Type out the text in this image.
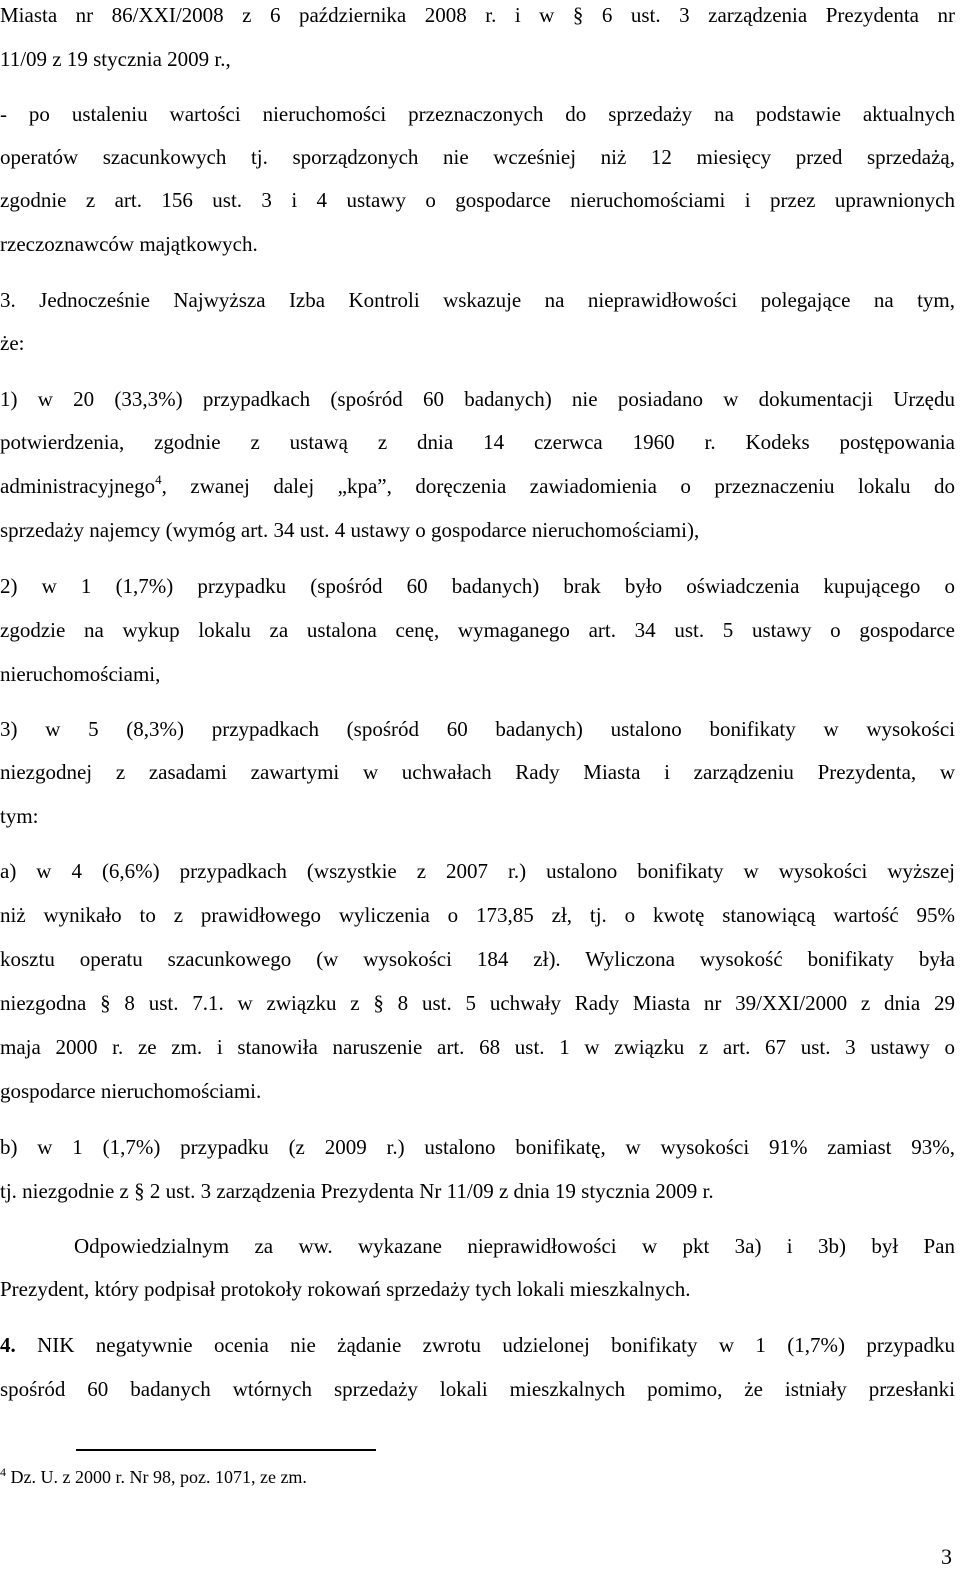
Miasta nr 86/XXI/2008 z 6 października 2008 r. i w § 6 ust. 3 zarządzenia Prezydenta nr
11/09 z 19 stycznia 2009 r.,
- po ustaleniu wartości nieruchomości przeznaczonych do sprzedaży na podstawie aktualnych
operatów szacunkowych tj. sporządzonych nie wcześniej niż 12 miesięcy przed sprzedażą,
zgodnie z art. 156 ust. 3 i 4 ustawy o gospodarce nieruchomościami i przez uprawnionych
rzeczoznawców majątkowych.
3. Jednocześnie Najwyższa Izba Kontroli wskazuje na nieprawidłowości polegające na tym,
że:
1) w 20 (33,3%) przypadkach (spośród 60 badanych) nie posiadano w dokumentacji Urzędu
potwierdzenia, zgodnie z ustawą z dnia 14 czerwca 1960 r. Kodeks postępowania
administracyjnego$^4$, zwanej dalej „kpa”, doręczenia zawiadomienia o przeznaczeniu lokalu do
sprzedaży najemcy (wymóg art. 34 ust. 4 ustawy o gospodarce nieruchomościami),
2) w 1 (1,7%) przypadku (spośród 60 badanych) brak było oświadczenia kupującego o
zgodzie na wykup lokalu za ustalona cenę, wymaganego art. 34 ust. 5 ustawy o gospodarce
nieruchomościami,
3) w 5 (8,3%) przypadkach (spośród 60 badanych) ustalono bonifikaty w wysokości
niezgodnej z zasadami zawartymi w uchwałach Rady Miasta i zarządzeniu Prezydenta, w
tym:
a) w 4 (6,6%) przypadkach (wszystkie z 2007 r.) ustalono bonifikaty w wysokości wyższej
niż wynikało to z prawidłowego wyliczenia o 173,85 zł, tj. o kwotę stanowiącą wartość 95%
kosztu operatu szacunkowego (w wysokości 184 zł). Wyliczona wysokość bonifikaty była
niezgodna § 8 ust. 7.1. w związku z § 8 ust. 5 uchwały Rady Miasta nr 39/XXI/2000 z dnia 29
maja 2000 r. ze zm. i stanowiła naruszenie art. 68 ust. 1 w związku z art. 67 ust. 3 ustawy o
gospodarce nieruchomościami.
b) w 1 (1,7%) przypadku (z 2009 r.) ustalono bonifikatę, w wysokości 91% zamiast 93%,
tj. niezgodnie z § 2 ust. 3 zarządzenia Prezydenta Nr 11/09 z dnia 19 stycznia 2009 r.
Odpowiedzialnym za ww. wykazane nieprawidłowości w pkt 3a) i 3b) był Pan
Prezydent, który podpisał protokoły rokowań sprzedaży tych lokali mieszkalnych.
4. NIK negatywnie ocenia nie żądanie zwrotu udzielonej bonifikaty w 1 (1,7%) przypadku
spośród 60 badanych wtórnych sprzedaży lokali mieszkalnych pomimo, że istniały przesłanki
$^4$ Dz. U. z 2000 r. Nr 98, poz. 1071, ze zm.
3
